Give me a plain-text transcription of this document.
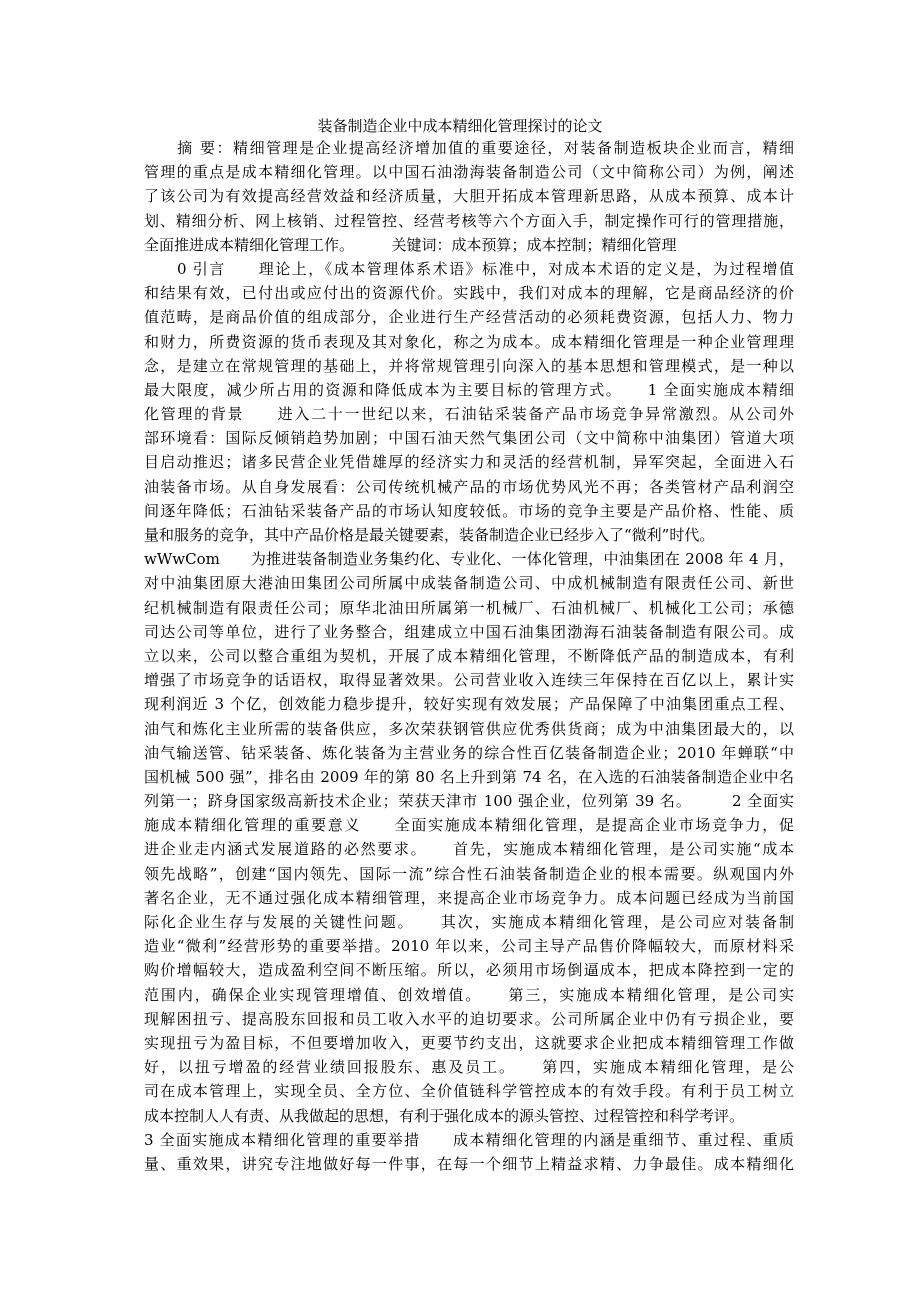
装备制造企业中成本精细化管理探讨的论文
　　摘 要：精细管理是企业提高经济增加值的重要途径，对装备制造板块企业而言，精细
管理的重点是成本精细化管理。以中国石油渤海装备制造公司（文中简称公司）为例，阐述
了该公司为有效提高经营效益和经济质量，大胆开拓成本管理新思路，从成本预算、成本计
划、精细分析、网上核销、过程管控、经营考核等六个方面入手，制定操作可行的管理措施，
全面推进成本精细化管理工作。　　　关键词：成本预算；成本控制；精细化管理
　　0 引言　　理论上，《成本管理体系术语》标准中，对成本术语的定义是，为过程增值
和结果有效，已付出或应付出的资源代价。实践中，我们对成本的理解，它是商品经济的价
值范畴，是商品价值的组成部分，企业进行生产经营活动的必须耗费资源，包括人力、物力
和财力，所费资源的货币表现及其对象化，称之为成本。成本精细化管理是一种企业管理理
念，是建立在常规管理的基础上，并将常规管理引向深入的基本思想和管理模式，是一种以
最大限度，减少所占用的资源和降低成本为主要目标的管理方式。　　1 全面实施成本精细
化管理的背景　　进入二十一世纪以来，石油钻采装备产品市场竞争异常激烈。从公司外
部环境看：国际反倾销趋势加剧；中国石油天然气集团公司（文中简称中油集团）管道大项
目启动推迟；诸多民营企业凭借雄厚的经济实力和灵活的经营机制，异军突起，全面进入石
油装备市场。从自身发展看：公司传统机械产品的市场优势风光不再；各类管材产品利润空
间逐年降低；石油钻采装备产品的市场认知度较低。市场的竞争主要是产品价格、性能、质
量和服务的竞争，其中产品价格是最关键要素，装备制造企业已经步入了“微利”时代。
wWwCom　　为推进装备制造业务集约化、专业化、一体化管理，中油集团在 2008 年 4 月，
对中油集团原大港油田集团公司所属中成装备制造公司、中成机械制造有限责任公司、新世
纪机械制造有限责任公司；原华北油田所属第一机械厂、石油机械厂、机械化工公司；承德
司达公司等单位，进行了业务整合，组建成立中国石油集团渤海石油装备制造有限公司。成
立以来，公司以整合重组为契机，开展了成本精细化管理，不断降低产品的制造成本，有利
增强了市场竞争的话语权，取得显著效果。公司营业收入连续三年保持在百亿以上，累计实
现利润近 3 个亿，创效能力稳步提升，较好实现有效发展；产品保障了中油集团重点工程、
油气和炼化主业所需的装备供应，多次荣获钢管供应优秀供货商；成为中油集团最大的，以
油气输送管、钻采装备、炼化装备为主营业务的综合性百亿装备制造企业；2010 年蝉联“中
国机械 500 强”，排名由 2009 年的第 80 名上升到第 74 名，在入选的石油装备制造企业中名
列第一；跻身国家级高新技术企业；荣获天津市 100 强企业，位列第 39 名。　　　2 全面实
施成本精细化管理的重要意义　　全面实施成本精细化管理，是提高企业市场竞争力，促
进企业走内涵式发展道路的必然要求。　　首先，实施成本精细化管理，是公司实施“成本
领先战略”，创建“国内领先、国际一流”综合性石油装备制造企业的根本需要。纵观国内外
著名企业，无不通过强化成本精细管理，来提高企业市场竞争力。成本问题已经成为当前国
际化企业生存与发展的关键性问题。　　其次，实施成本精细化管理，是公司应对装备制
造业“微利”经营形势的重要举措。2010 年以来，公司主导产品售价降幅较大，而原材料采
购价增幅较大，造成盈利空间不断压缩。所以，必须用市场倒逼成本，把成本降控到一定的
范围内，确保企业实现管理增值、创效增值。　　第三，实施成本精细化管理，是公司实
现解困扭亏、提高股东回报和员工收入水平的迫切要求。公司所属企业中仍有亏损企业，要
实现扭亏为盈目标，不但要增加收入，更要节约支出，这就要求企业把成本精细管理工作做
好，以扭亏增盈的经营业绩回报股东、惠及员工。　　第四，实施成本精细化管理，是公
司在成本管理上，实现全员、全方位、全价值链科学管控成本的有效手段。有利于员工树立
成本控制人人有责、从我做起的思想，有利于强化成本的源头管控、过程管控和科学考评。
3 全面实施成本精细化管理的重要举措　　成本精细化管理的内涵是重细节、重过程、重质
量、重效果，讲究专注地做好每一件事，在每一个细节上精益求精、力争最佳。成本精细化
